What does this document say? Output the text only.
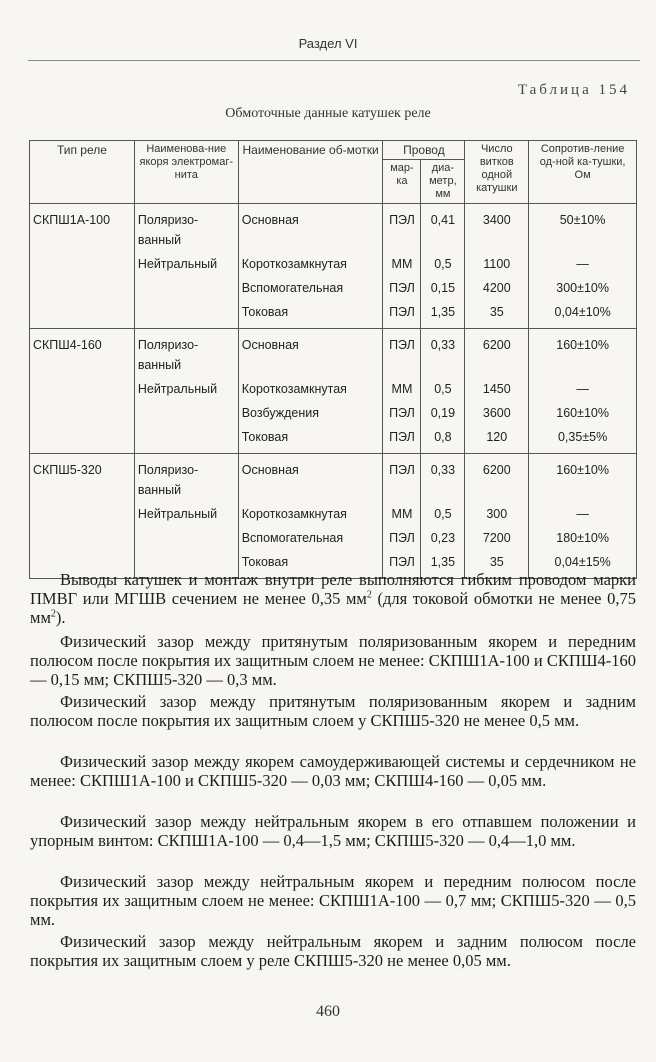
Раздел VI
Таблица 154
Обмоточные данные катушек реле
Тип реле	Наименова-ние якоря электромаг-нита	Наименование об-мотки	Провод		Число витков одной катушки	Сопротив-ление од-ной ка-тушки, Ом
			мар-ка	диа-метр, мм		
СКПШ1А-100	Поляризо-ванный	Основная	ПЭЛ	0,41	3400	50±10%
	Нейтральный	Короткозамкнутая	ММ	0,5	1100	—
		Вспомогательная	ПЭЛ	0,15	4200	300±10%
		Токовая	ПЭЛ	1,35	35	0,04±10%
СКПШ4-160	Поляризо-ванный	Основная	ПЭЛ	0,33	6200	160±10%
	Нейтральный	Короткозамкнутая	ММ	0,5	1450	—
		Возбуждения	ПЭЛ	0,19	3600	160±10%
		Токовая	ПЭЛ	0,8	120	0,35±5%
СКПШ5-320	Поляризо-ванный	Основная	ПЭЛ	0,33	6200	160±10%
	Нейтральный	Короткозамкнутая	ММ	0,5	300	—
		Вспомогательная	ПЭЛ	0,23	7200	180±10%
		Токовая	ПЭЛ	1,35	35	0,04±15%
Выводы катушек и монтаж внутри реле выполняются гибким проводом марки ПМВГ или МГШВ сечением не менее 0,35 $мм^2$ (для токовой обмотки не менее 0,75 $мм^2$).
Физический зазор между притянутым поляризованным якорем и передним полюсом после покрытия их защитным слоем не менее: СКПШ1А-100 и СКПШ4-160 — 0,15 мм; СКПШ5-320 — 0,3 мм.
Физический зазор между притянутым поляризованным якорем и задним полюсом после покрытия их защитным слоем у СКПШ5-320 не менее 0,5 мм.
Физический зазор между якорем самоудерживающей системы и сердечником не менее: СКПШ1А-100 и СКПШ5-320 — 0,03 мм; СКПШ4-160 — 0,05 мм.
Физический зазор между нейтральным якорем в его отпавшем положении и упорным винтом: СКПШ1А-100 — 0,4—1,5 мм; СКПШ5-320 — 0,4—1,0 мм.
Физический зазор между нейтральным якорем и передним полюсом после покрытия их защитным слоем не менее: СКПШ1А-100 — 0,7 мм; СКПШ5-320 — 0,5 мм.
Физический зазор между нейтральным якорем и задним полюсом после покрытия их защитным слоем у реле СКПШ5-320 не менее 0,05 мм.
460
